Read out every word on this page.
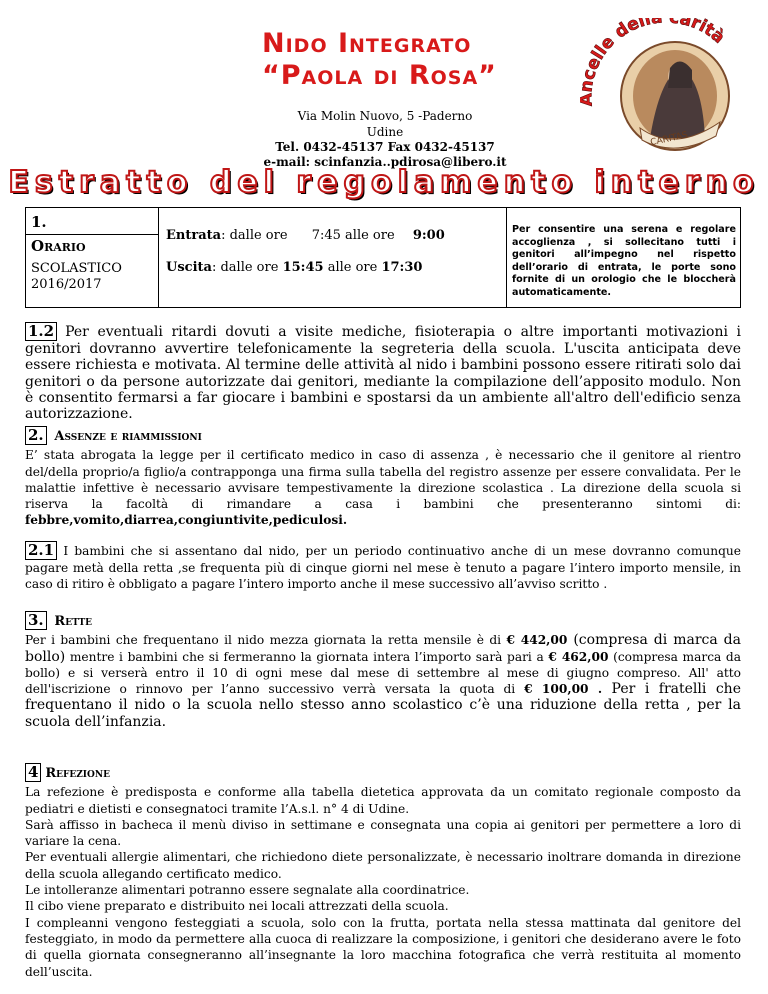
Nido Integrato
“Paola di Rosa”
Via Molin Nuovo, 5 -Paderno
Udine
Tel. 0432-45137 Fax 0432-45137
e-mail: scinfanzia..pdirosa@libero.it
CARITAS
celle della arità
Estratto del regolamento interno
1.
Orario
SCOLASTICO
2016/2017
Entrata: dalle ore 7:45 alle ore 9:00
Uscita: dalle ore 15:45 alle ore 17:30
Per consentire una serena e regolare accoglienza , si sollecitano tutti i genitori all’impegno nel rispetto dell’orario di entrata, le porte sono fornite di un orologio che le bloccherà automaticamente.
1.2 Per eventuali ritardi dovuti a visite mediche, fisioterapia o altre importanti motivazioni i genitori dovranno avvertire telefonicamente la segreteria della scuola. L'uscita anticipata deve essere richiesta e motivata. Al termine delle attività al nido i bambini possono essere ritirati solo dai genitori o da persone autorizzate dai genitori, mediante la compilazione dell’apposito modulo. Non è consentito fermarsi a far giocare i bambini e spostarsi da un ambiente all'altro dell'edificio senza autorizzazione.
2. Assenze e riammissioni
E’ stata abrogata la legge per il certificato medico in caso di assenza , è necessario che il genitore al rientro del/della proprio/a figlio/a contrapponga una firma sulla tabella del registro assenze per essere convalidata. Per le malattie infettive è necessario avvisare tempestivamente la direzione scolastica . La direzione della scuola si riserva la facoltà di rimandare a casa i bambini che presenteranno sintomi di: febbre,vomito,diarrea,congiuntivite,pediculosi.
2.1 I bambini che si assentano dal nido, per un periodo continuativo anche di un mese dovranno comunque pagare metà della retta ,se frequenta più di cinque giorni nel mese è tenuto a pagare l’intero importo mensile, in caso di ritiro è obbligato a pagare l’intero importo anche il mese successivo all’avviso scritto .
3. Rette
Per i bambini che frequentano il nido mezza giornata la retta mensile è di € 442,00 (compresa di marca da bollo) mentre i bambini che si fermeranno la giornata intera l’importo sarà pari a € 462,00 (compresa marca da bollo) e si verserà entro il 10 di ogni mese dal mese di settembre al mese di giugno compreso. All' atto dell'iscrizione o rinnovo per l’anno successivo verrà versata la quota di € 100,00 . Per i fratelli che frequentano il nido o la scuola nello stesso anno scolastico c’è una riduzione della retta , per la scuola dell’infanzia.
4 Refezione
La refezione è predisposta e conforme alla tabella dietetica approvata da un comitato regionale composto da pediatri e dietisti e consegnatoci tramite l’A.s.l. n° 4 di Udine.
Sarà affisso in bacheca il menù diviso in settimane e consegnata una copia ai genitori per permettere a loro di variare la cena.
Per eventuali allergie alimentari, che richiedono diete personalizzate, è necessario inoltrare domanda in direzione della scuola allegando certificato medico.
Le intolleranze alimentari potranno essere segnalate alla coordinatrice.
Il cibo viene preparato e distribuito nei locali attrezzati della scuola.
I compleanni vengono festeggiati a scuola, solo con la frutta, portata nella stessa mattinata dal genitore del festeggiato, in modo da permettere alla cuoca di realizzare la composizione, i genitori che desiderano avere le foto di quella giornata consegneranno all’insegnante la loro macchina fotografica che verrà restituita al momento dell’uscita.
